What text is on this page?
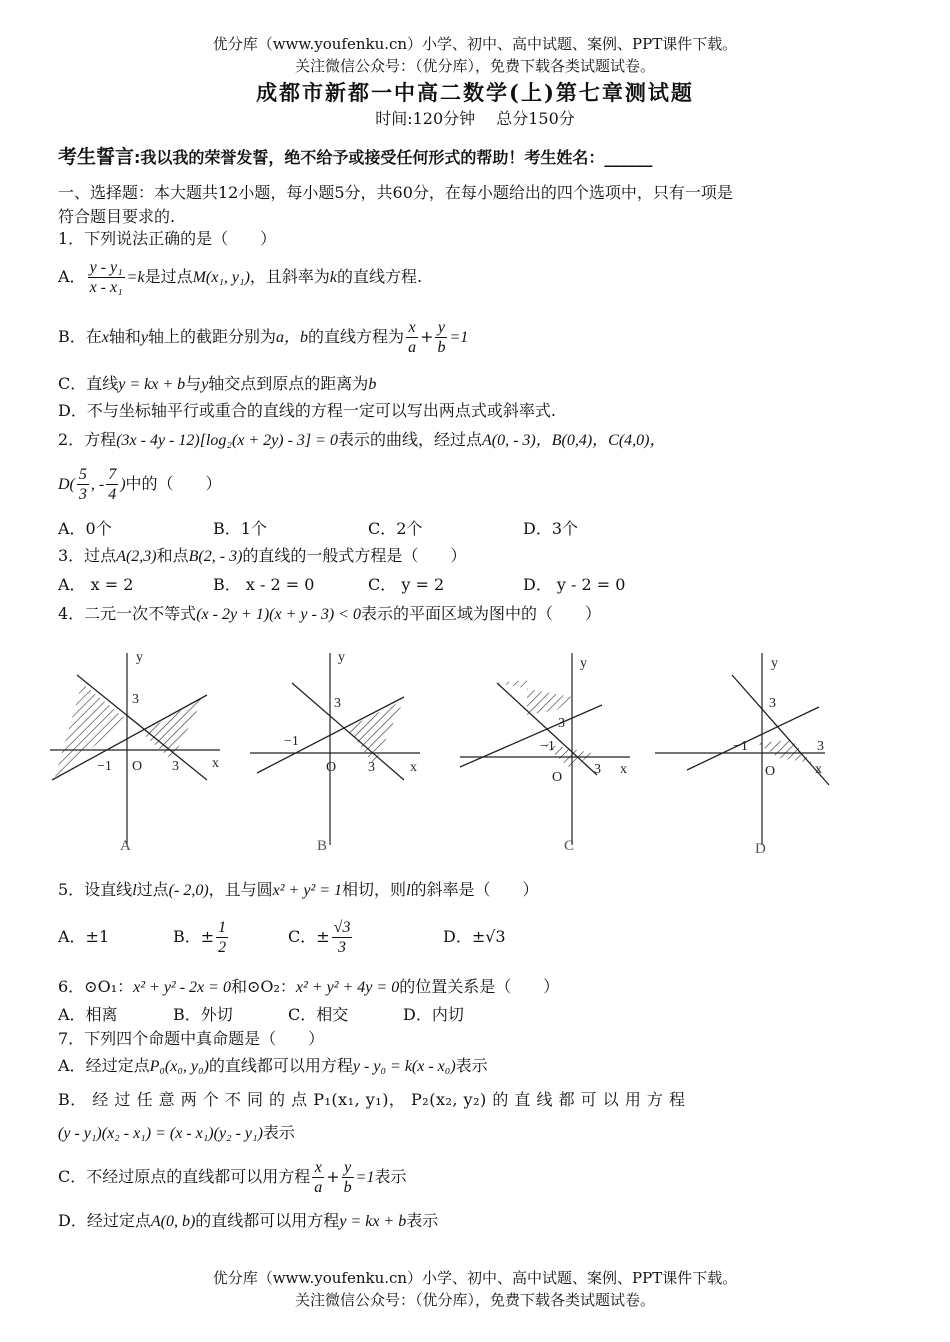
优分库（www.youfenku.cn）小学、初中、高中试题、案例、PPT课件下载。
关注微信公众号：（优分库），免费下载各类试题试卷。
成都市新都一中高二数学(上)第七章测试题
时间:120分钟　 总分150分
考生誓言:我以我的荣誉发誓，绝不给予或接受任何形式的帮助！考生姓名：______
一、选择题：本大题共12小题，每小题5分，共60分，在每小题给出的四个选项中，只有一项是
符合题目要求的.
1．下列说法正确的是（　　）
A． $\frac{\text{y - y₁}}{\text{x - x₁}} =k$是过点M(x₁, y₁)，且斜率为k的直线方程.
B．在x轴和y轴上的截距分别为a，b的直线方程为 $\frac{x}{a} + \frac{y}{b} =1$
C．直线y = kx + b与y轴交点到原点的距离为b
D．不与坐标轴平行或重合的直线的方程一定可以写出两点式或斜率式.
2．方程(3x - 4y - 12)[log₂(x + 2y) - 3] = 0表示的曲线，经过点A(0, - 3)，B(0,4)，C(4,0)，
$D( \frac{5}{3}$ , - $\frac{7}{4}$ )中的（　　）
A．0个	B．1个	C．2个	D．3个
3．过点A(2,3)和点B(2, - 3)的直线的一般式方程是（　　）
A． x = 2	B． x - 2 = 0	C． y = 2	D． y - 2 = 0
4．二元一次不等式(x - 2y + 1)(x + y - 3) < 0表示的平面区域为图中的（　　）
y
x
3
−1 O 3
A
y
x
3
−1
O 3
B
y
x
3
−1
O
3
C
y
x
3
−1
O
3
D
5．设直线l过点(- 2,0)，且与圆x² + y² = 1相切，则l的斜率是（　　）
A．±1	B．± $\frac{1}{2}$	C．± $\frac{√3}{3}$	D．±√3
6．⊙O₁：x² + y² - 2x = 0和⊙O₂：x² + y² + 4y = 0的位置关系是（　　）
A．相离	B．外切	C．相交	D．内切
7．下列四个命题中真命题是（　　）
A．经过定点P₀(x₀, y₀)的直线都可以用方程y - y₀ = k(x - x₀)表示
B． 经 过 任 意 两 个 不 同 的 点 P₁(x₁, y₁)， P₂(x₂, y₂) 的 直 线 都 可 以 用 方 程
(y - y₁)(x₂ - x₁) = (x - x₁)(y₂ - y₁)表示
C．不经过原点的直线都可以用方程 $\frac{x}{a} + \frac{y}{b} =1$表示
D．经过定点A(0, b)的直线都可以用方程y = kx + b表示
优分库（www.youfenku.cn）小学、初中、高中试题、案例、PPT课件下载。
关注微信公众号：（优分库），免费下载各类试题试卷。
